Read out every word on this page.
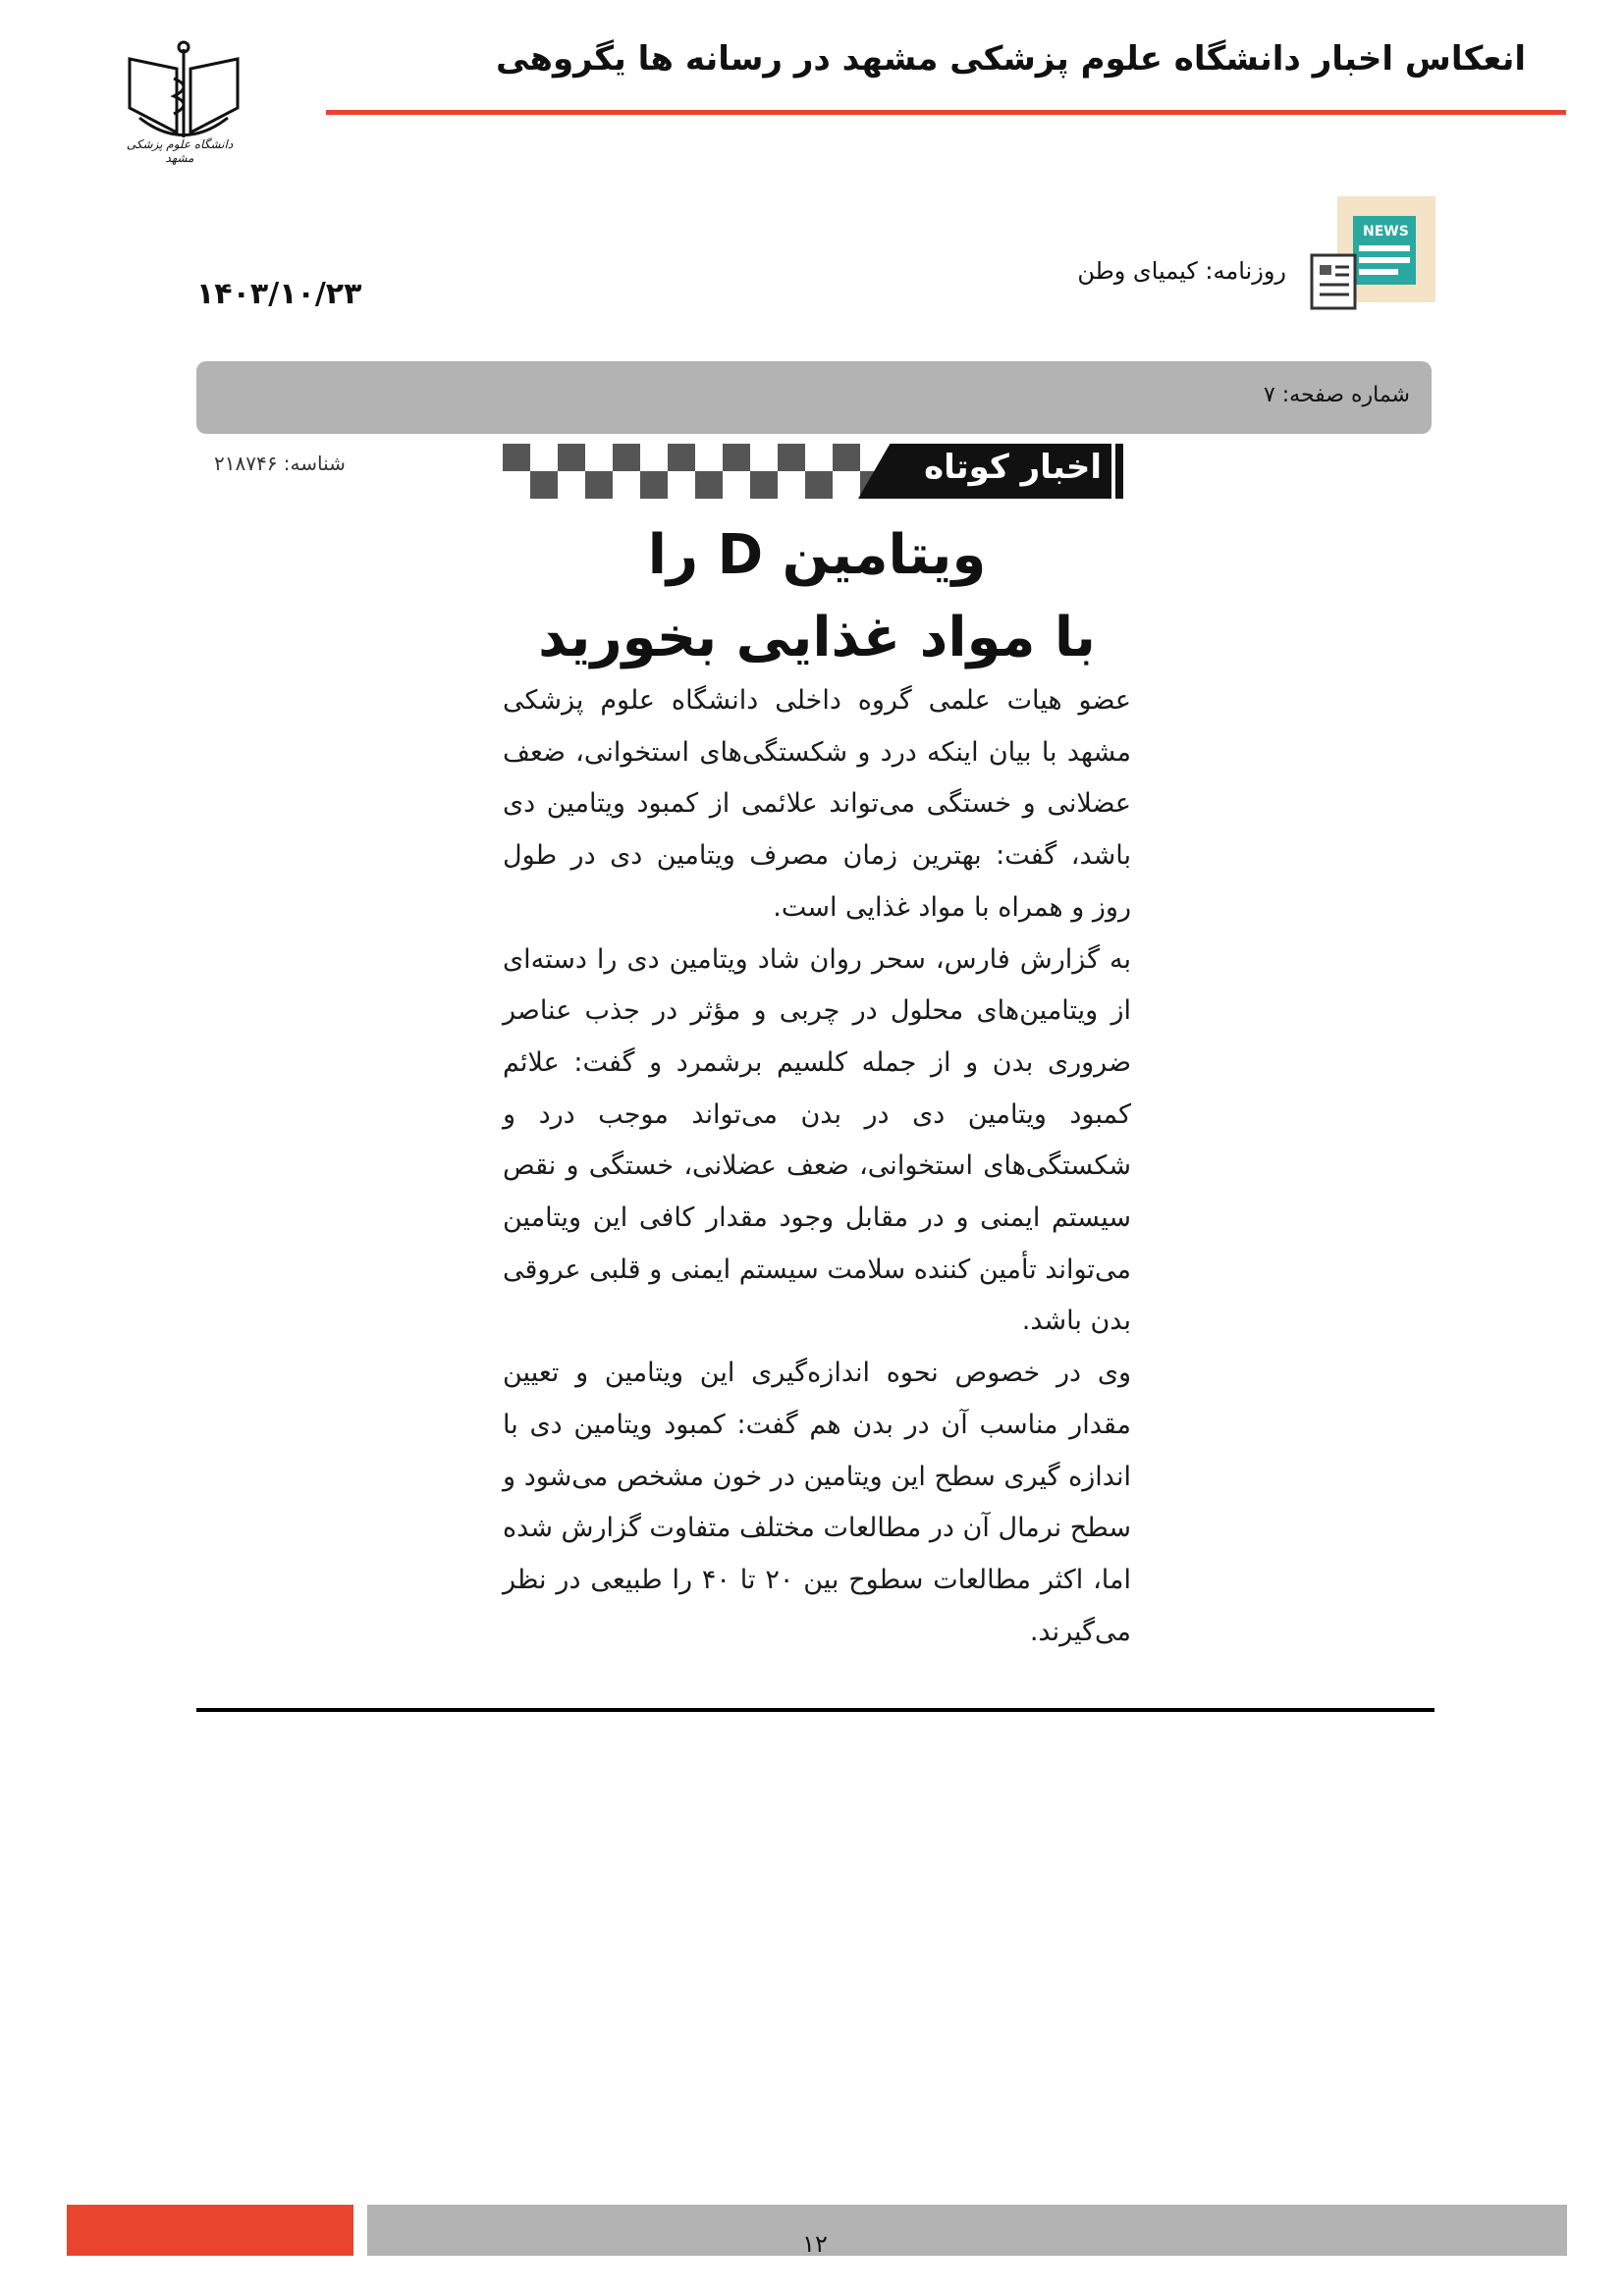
انعکاس اخبار دانشگاه علوم پزشکی مشهد در رسانه ها یگروهی
دانشگاه علوم پزشکی مشهد
NEWS
روزنامه: کیمیای وطن
۱۴۰۳/۱۰/۲۳
شماره صفحه: ۷
شناسه: ۲۱۸۷۴۶	اخبار کوتاه
ویتامین D را
با مواد غذایی بخورید

عضو هیات علمی گروه داخلی دانشگاه علوم پزشکی مشهد با بیان اینکه درد و شکستگی‌های استخوانی، ضعف عضلانی و خستگی می‌تواند علائمی از کمبود ویتامین دی باشد، گفت: بهترین زمان مصرف ویتامین دی در طول روز و همراه با مواد غذایی است.

به گزارش فارس، سحر روان شاد ویتامین دی را دسته‌ای از ویتامین‌های محلول در چربی و مؤثر در جذب عناصر ضروری بدن و از جمله کلسیم برشمرد و گفت: علائم کمبود ویتامین دی در بدن می‌تواند موجب درد و شکستگی‌های استخوانی، ضعف عضلانی، خستگی و نقص سیستم ایمنی و در مقابل وجود مقدار کافی این ویتامین می‌تواند تأمین کننده سلامت سیستم ایمنی و قلبی عروقی بدن باشد.

وی در خصوص نحوه اندازه‌گیری این ویتامین و تعیین مقدار مناسب آن در بدن هم گفت: کمبود ویتامین دی با اندازه گیری سطح این ویتامین در خون مشخص می‌شود و سطح نرمال آن در مطالعات مختلف متفاوت گزارش شده اما، اکثر مطالعات سطوح بین ۲۰ تا ۴۰ را طبیعی در نظر می‌گیرند.

۱۲
